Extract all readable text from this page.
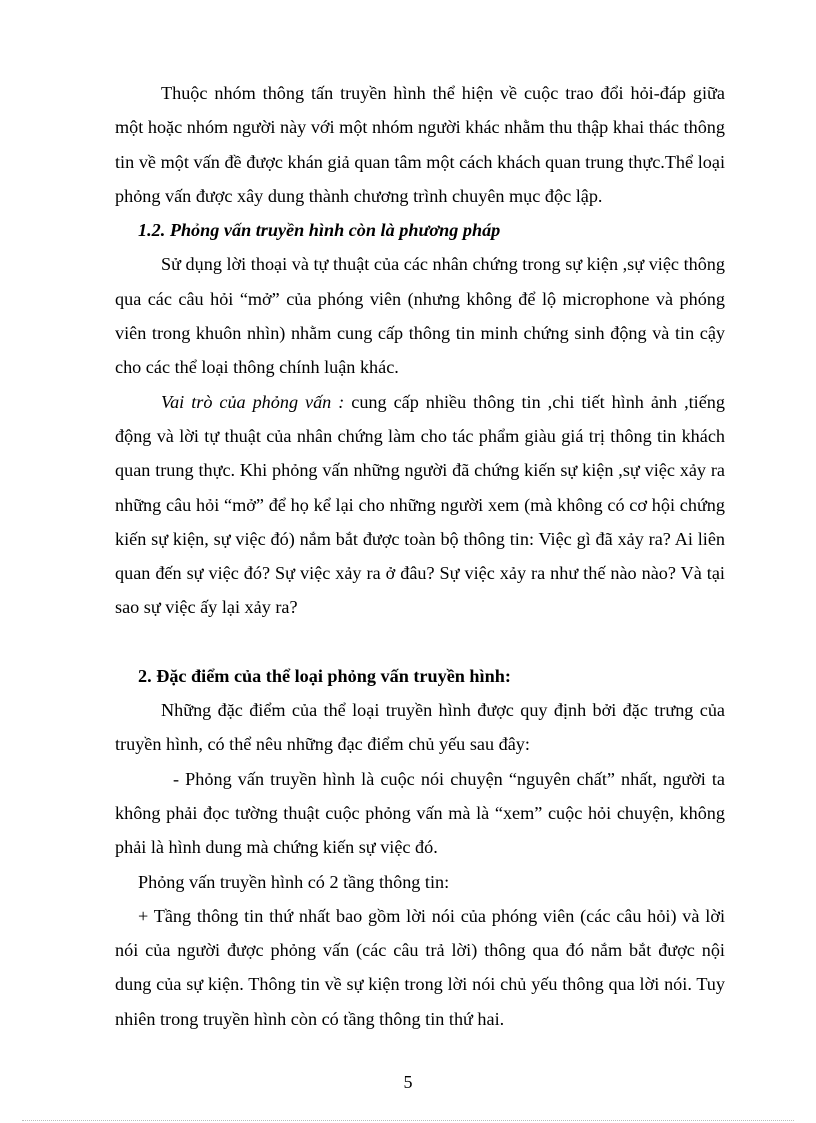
Thuộc nhóm thông tấn truyền hình thể hiện về cuộc trao đổi hỏi-đáp giữa một hoặc nhóm người này với một nhóm người khác nhằm thu thập khai thác thông tin về một vấn đề được khán giả quan tâm một cách khách quan trung thực.Thể loại phỏng vấn được xây dung thành chương trình chuyên mục độc lập.

1.2. Phỏng vấn truyền hình còn là phương pháp

Sử dụng lời thoại và tự thuật của các nhân chứng trong sự kiện ,sự việc thông qua các câu hỏi “mở” của phóng viên (nhưng không để lộ microphone và phóng viên trong khuôn nhìn) nhằm cung cấp thông tin minh chứng sinh động và tin cậy cho các thể loại thông chính luận khác.

Vai trò của phỏng vấn : cung cấp nhiều thông tin ,chi tiết hình ảnh ,tiếng động và lời tự thuật của nhân chứng làm cho tác phẩm giàu giá trị thông tin khách quan trung thực. Khi phỏng vấn những người đã chứng kiến sự kiện ,sự việc xảy ra những câu hỏi “mở” để họ kể lại cho những người xem (mà không có cơ hội chứng kiến sự kiện, sự việc đó) nắm bắt được toàn bộ thông tin: Việc gì đã xảy ra? Ai liên quan đến sự việc đó? Sự việc xảy ra ở đâu? Sự việc xảy ra như thế nào nào? Và tại sao sự việc ấy lại xảy ra?

2. Đặc điểm của thể loại phỏng vấn truyền hình:

Những đặc điểm của thể loại truyền hình được quy định bởi đặc trưng của truyền hình, có thể nêu những đạc điểm chủ yếu sau đây:

- Phỏng vấn truyền hình là cuộc nói chuyện “nguyên chất” nhất, người ta không phải đọc tường thuật cuộc phỏng vấn mà là “xem” cuộc hỏi chuyện, không phải là hình dung mà chứng kiến sự việc đó.

Phỏng vấn truyền hình có 2 tầng thông tin:

+ Tầng thông tin thứ nhất bao gồm lời nói của phóng viên (các câu hỏi) và lời nói của người được phỏng vấn (các câu trả lời) thông qua đó nắm bắt được nội dung của sự kiện. Thông tin về sự kiện trong lời nói chủ yếu thông qua lời nói. Tuy nhiên trong truyền hình còn có tầng thông tin thứ hai.

5
